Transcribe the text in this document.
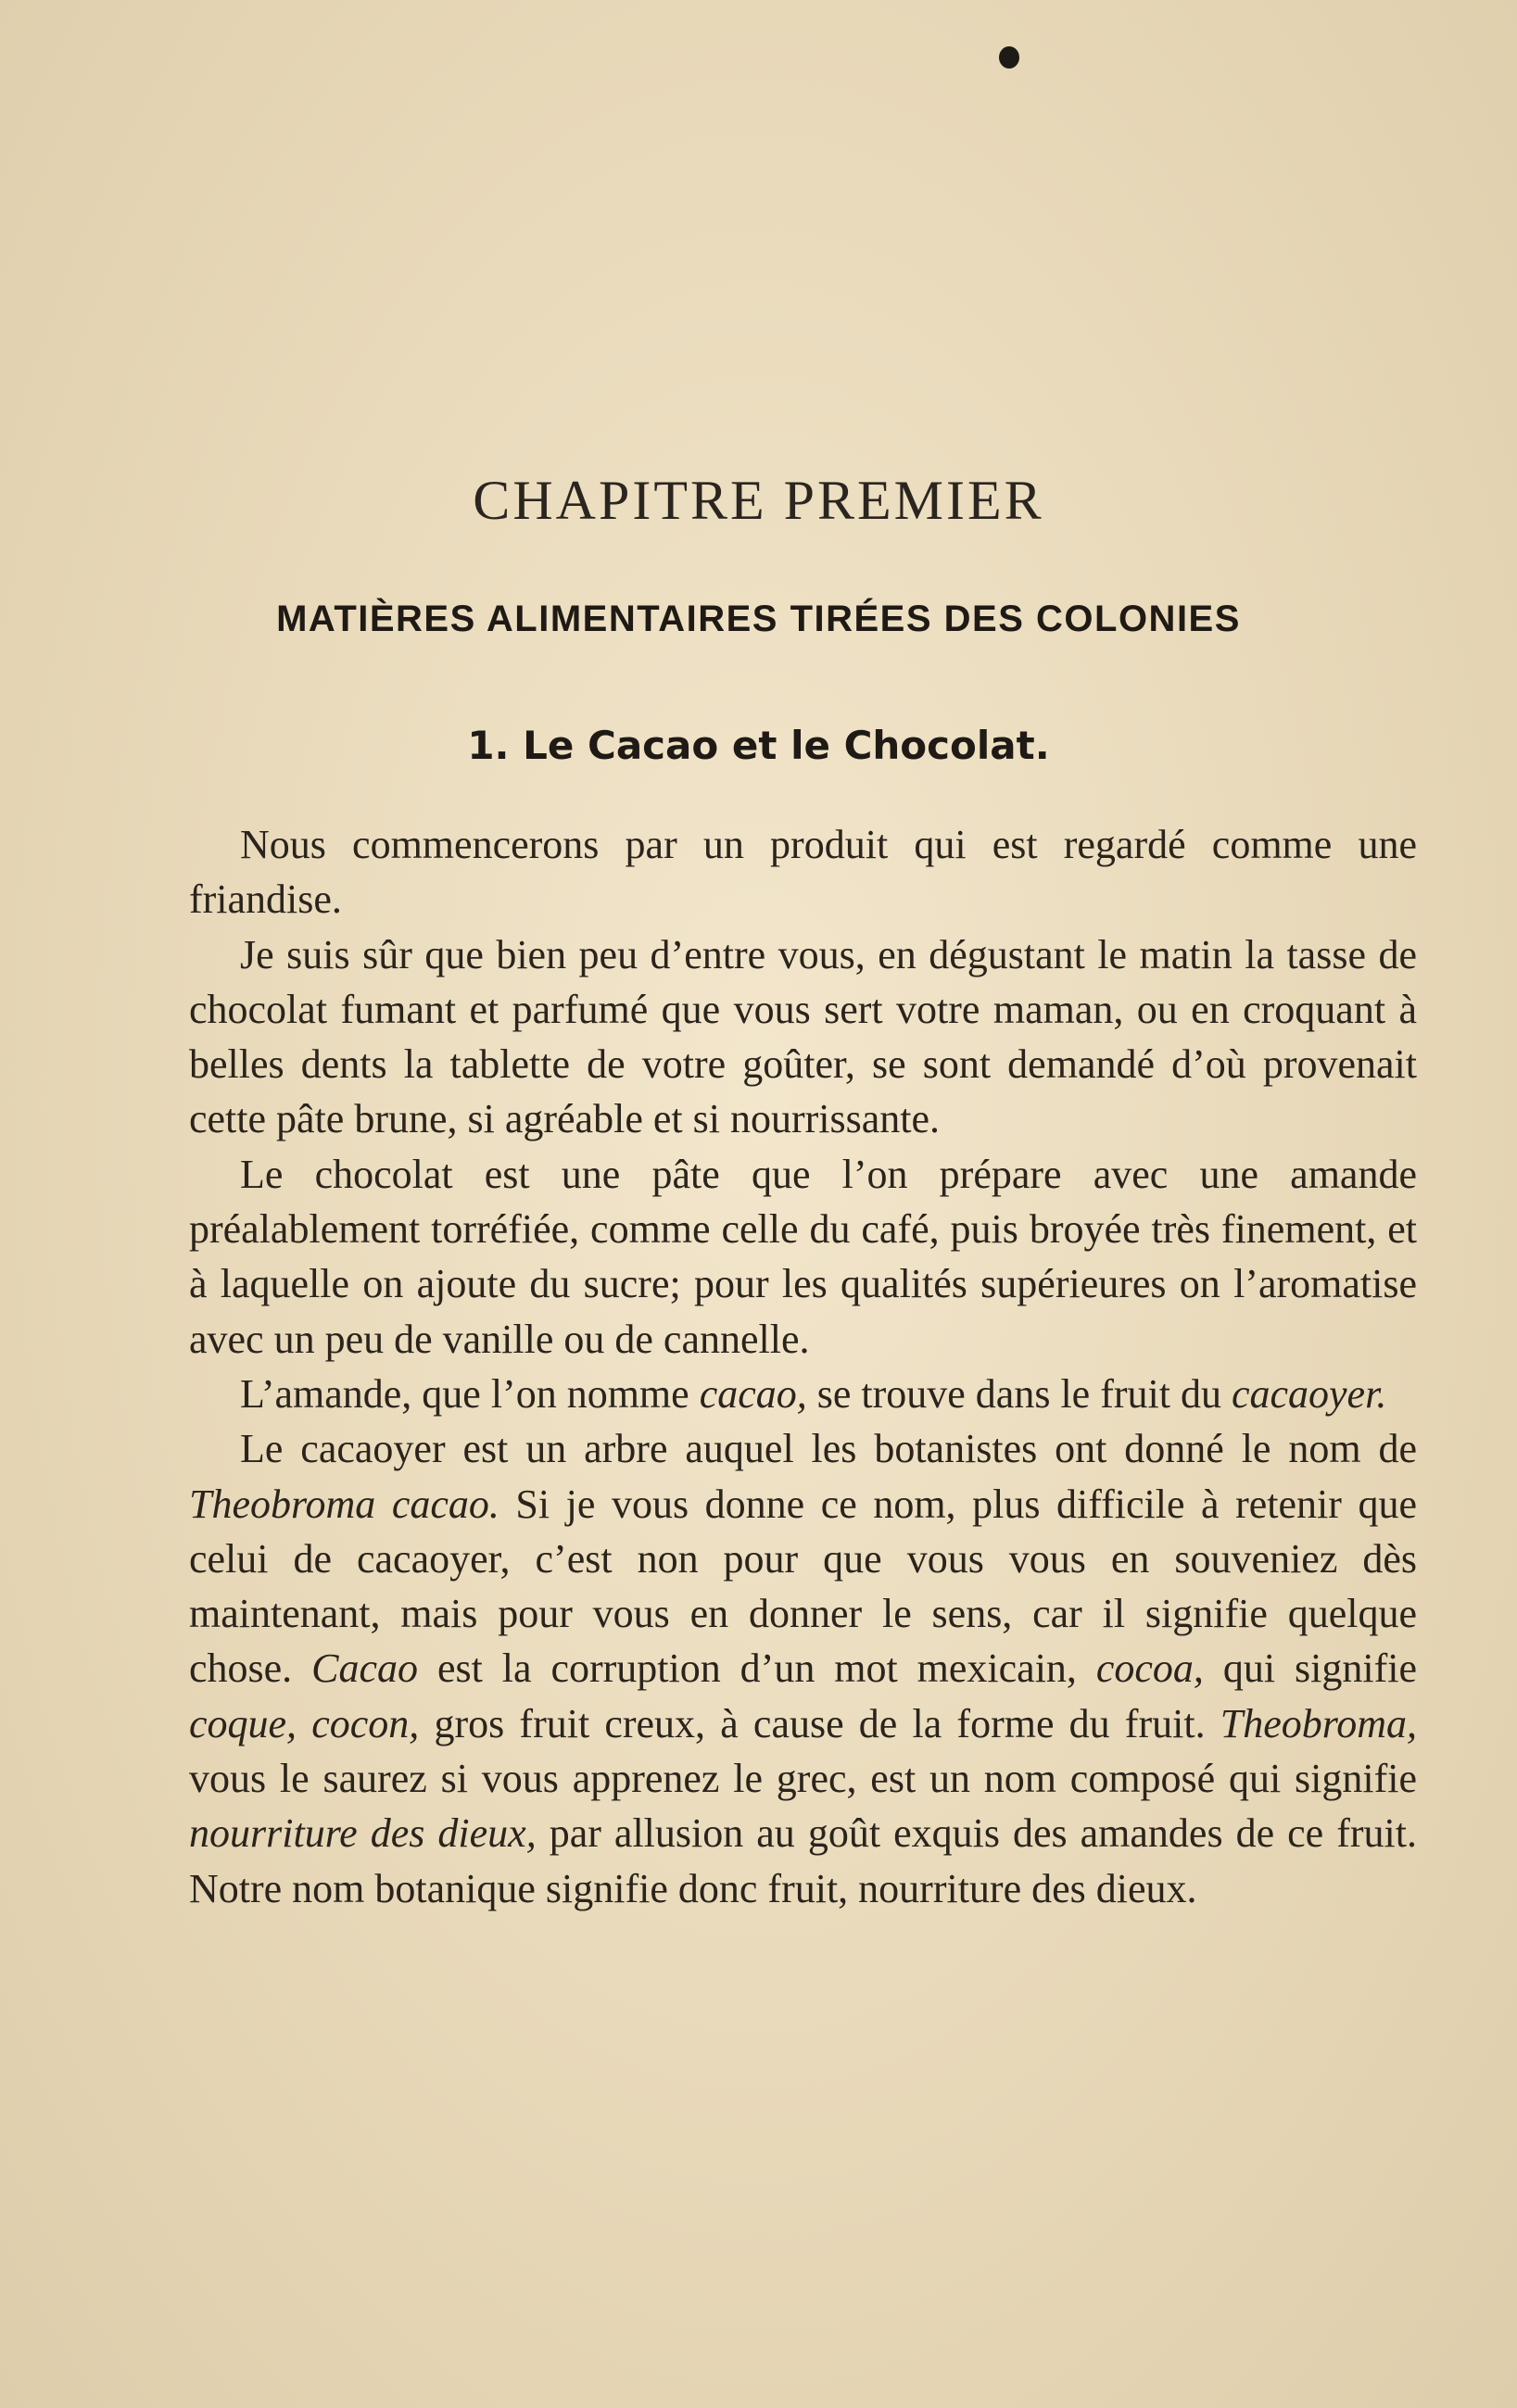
CHAPITRE PREMIER
MATIÈRES ALIMENTAIRES TIRÉES DES COLONIES
1. Le Cacao et le Chocolat.

Nous commencerons par un produit qui est regardé comme une friandise.

Je suis sûr que bien peu d’entre vous, en dégustant le matin la tasse de chocolat fumant et parfumé que vous sert votre maman, ou en croquant à belles dents la tablette de votre goûter, se sont demandé d’où provenait cette pâte brune, si agréable et si nourrissante.

Le chocolat est une pâte que l’on prépare avec une amande préalablement torréfiée, comme celle du café, puis broyée très finement, et à laquelle on ajoute du sucre; pour les qualités supérieures on l’aromatise avec un peu de vanille ou de cannelle.

L’amande, que l’on nomme cacao, se trouve dans le fruit du cacaoyer.

Le cacaoyer est un arbre auquel les botanistes ont donné le nom de Theobroma cacao. Si je vous donne ce nom, plus difficile à retenir que celui de cacaoyer, c’est non pour que vous vous en souveniez dès maintenant, mais pour vous en donner le sens, car il signifie quelque chose. Cacao est la corruption d’un mot mexicain, cocoa, qui signifie coque, cocon, gros fruit creux, à cause de la forme du fruit. Theobroma, vous le saurez si vous apprenez le grec, est un nom composé qui signifie nourriture des dieux, par allusion au goût exquis des amandes de ce fruit. Notre nom botanique signifie donc fruit, nourriture des dieux.
